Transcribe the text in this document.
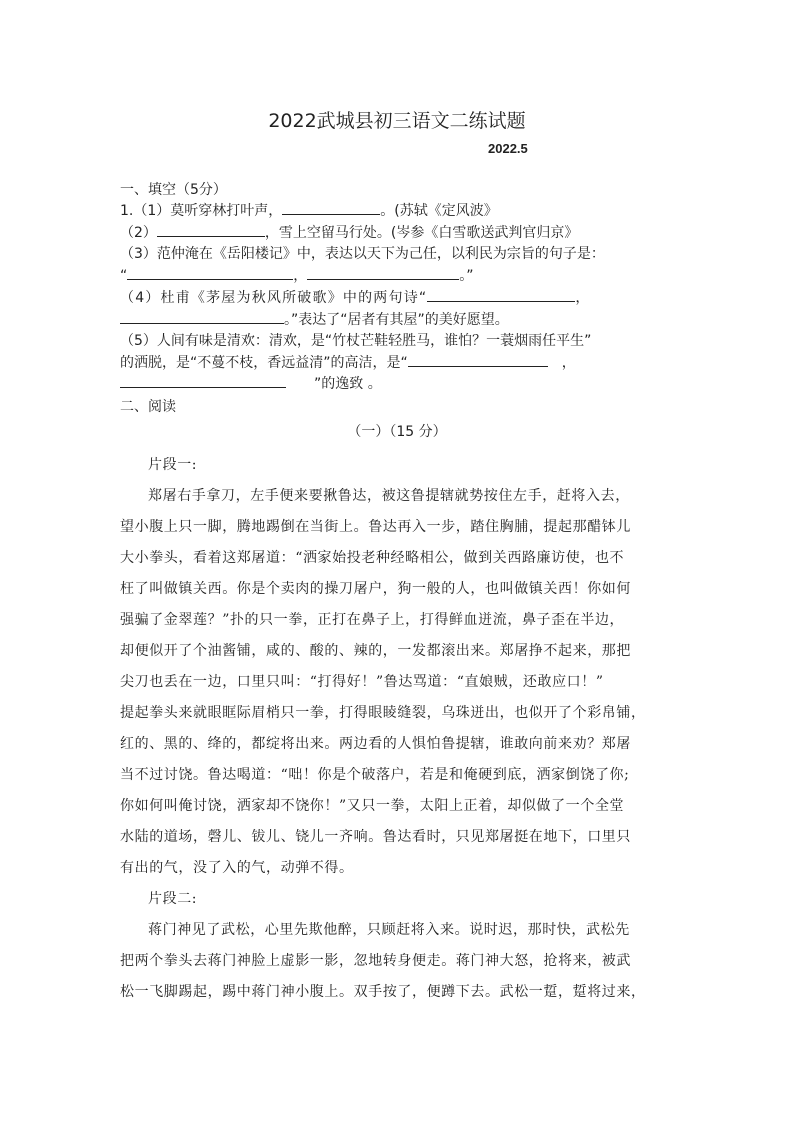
2022武城县初三语文二练试题
2022.5
一、填空（5分）
1.（1）莫听穿林打叶声，	。(苏轼《定风波》
（2）	，雪上空留马行处。(岑参《白雪歌送武判官归京》
（3）范仲淹在《岳阳楼记》中，表达以天下为己任，以利民为宗旨的句子是：
“	，	。”
（4）杜甫《茅屋为秋风所破歌》中的两句诗“	，
。”表达了“居者有其屋”的美好愿望。
（5）人间有味是清欢：清欢，是“竹杖芒鞋轻胜马，谁怕？一蓑烟雨任平生”
的洒脱，是“不蔓不枝，香远益清”的高洁，是“	，
”的逸致 。
二、阅读
（一）（15 分）
片段一:
郑屠右手拿刀，左手便来要揪鲁达，被这鲁提辖就势按住左手，赶将入去，
望小腹上只一脚，腾地踢倒在当街上。鲁达再入一步，踏住胸脯，提起那醋钵儿
大小拳头，看着这郑屠道：“洒家始投老种经略相公，做到关西路廉访使，也不
枉了叫做镇关西。你是个卖肉的操刀屠户，狗一般的人，也叫做镇关西！你如何
强骗了金翠莲？”扑的只一拳，正打在鼻子上，打得鲜血迸流，鼻子歪在半边，
却便似开了个油酱铺，咸的、酸的、辣的，一发都滚出来。郑屠挣不起来，那把
尖刀也丢在一边，口里只叫：“打得好！”鲁达骂道：“直娘贼，还敢应口！”
提起拳头来就眼眶际眉梢只一拳，打得眼睖缝裂，乌珠迸出，也似开了个彩帛铺，
红的、黑的、绛的，都绽将出来。两边看的人惧怕鲁提辖，谁敢向前来劝？郑屠
当不过讨饶。鲁达喝道：“咄！你是个破落户，若是和俺硬到底，洒家倒饶了你;
你如何叫俺讨饶，洒家却不饶你！”又只一拳，太阳上正着，却似做了一个全堂
水陆的道场，磬儿、钹儿、铙儿一齐响。鲁达看时，只见郑屠挺在地下，口里只
有出的气，没了入的气，动弹不得。
片段二:
蒋门神见了武松，心里先欺他醉，只顾赶将入来。说时迟，那时快，武松先
把两个拳头去蒋门神脸上虚影一影，忽地转身便走。蒋门神大怒，抢将来，被武
松一飞脚踢起，踢中蒋门神小腹上。双手按了，便蹲下去。武松一踅，踅将过来，
